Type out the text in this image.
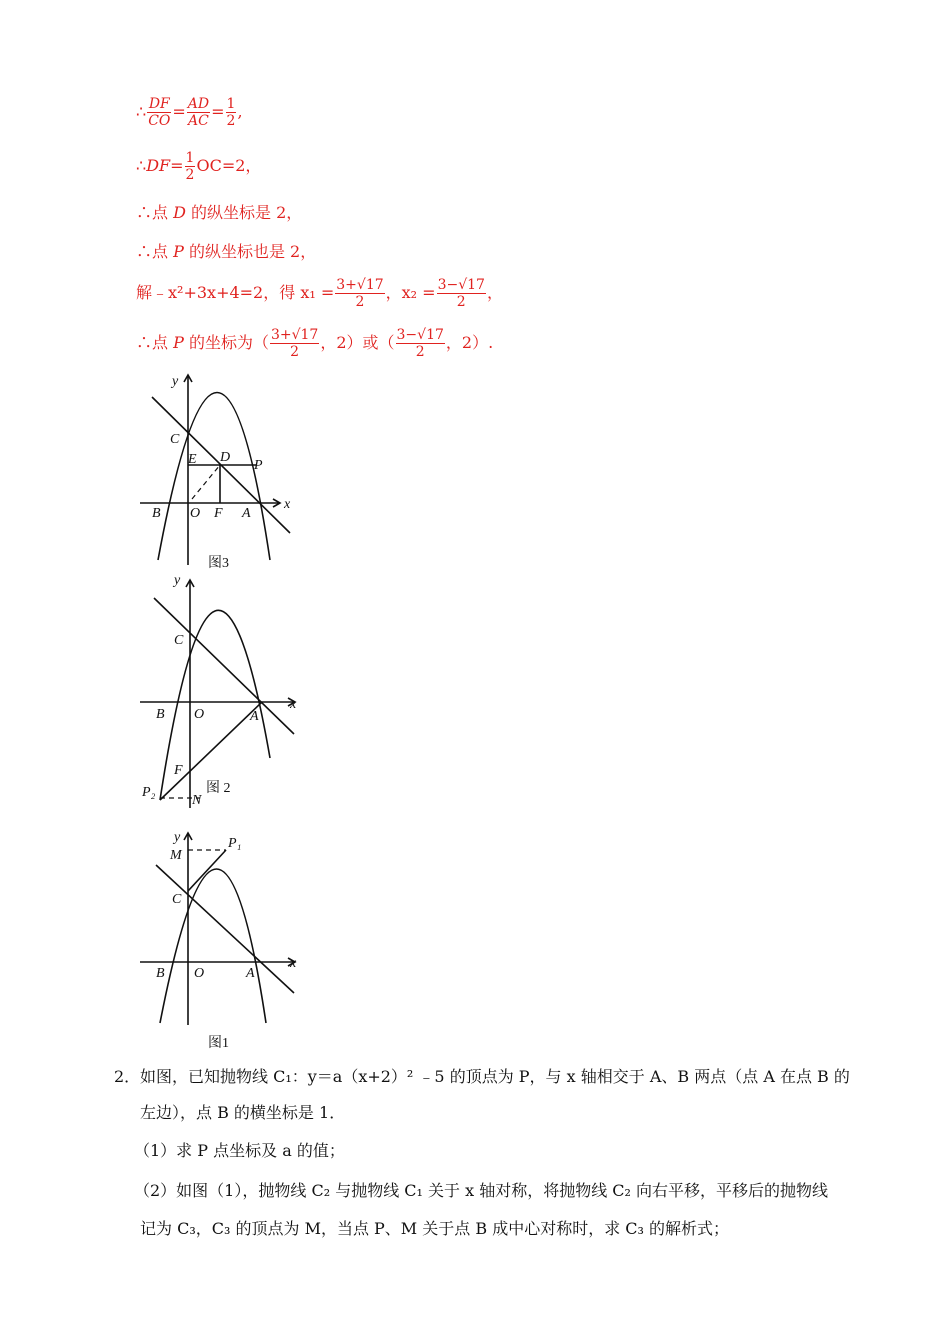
∴ $\frac{DF}{CO} = \frac{AD}{AC} = \frac{1}{2}$ ,
∴DF= $\frac{1}{2} OC=2$，
∴点 D 的纵坐标是 2，
∴点 P 的纵坐标也是 2，
解﹣x²+3x+4=2，得 $x_1 = \frac{3+√17}{2}$ ，$x_2 = \frac{3-√17}{2}$ ，
∴点 P 的坐标为（ $\frac{3+√17}{2}$ ，2）或（ $\frac{3-√17}{2}$ ，2）.
y
x
C
E D
P
B O F A
图3
y
x
C
B O	A
F
P₂
N
图 2
y
x
M
P₁
C
B O	A
图1
2． 如图，已知抛物线 C₁：y＝a（x+2）² ﹣5 的顶点为 P，与 x 轴相交于 A、B 两点（点 A 在点 B 的
左边），点 B 的横坐标是 1．
（1）求 P 点坐标及 a 的值；
（2）如图（1），抛物线 C₂ 与抛物线 C₁ 关于 x 轴对称，将抛物线 C₂ 向右平移，平移后的抛物线
记为 C₃，C₃ 的顶点为 M，当点 P、M 关于点 B 成中心对称时，求 C₃ 的解析式；
